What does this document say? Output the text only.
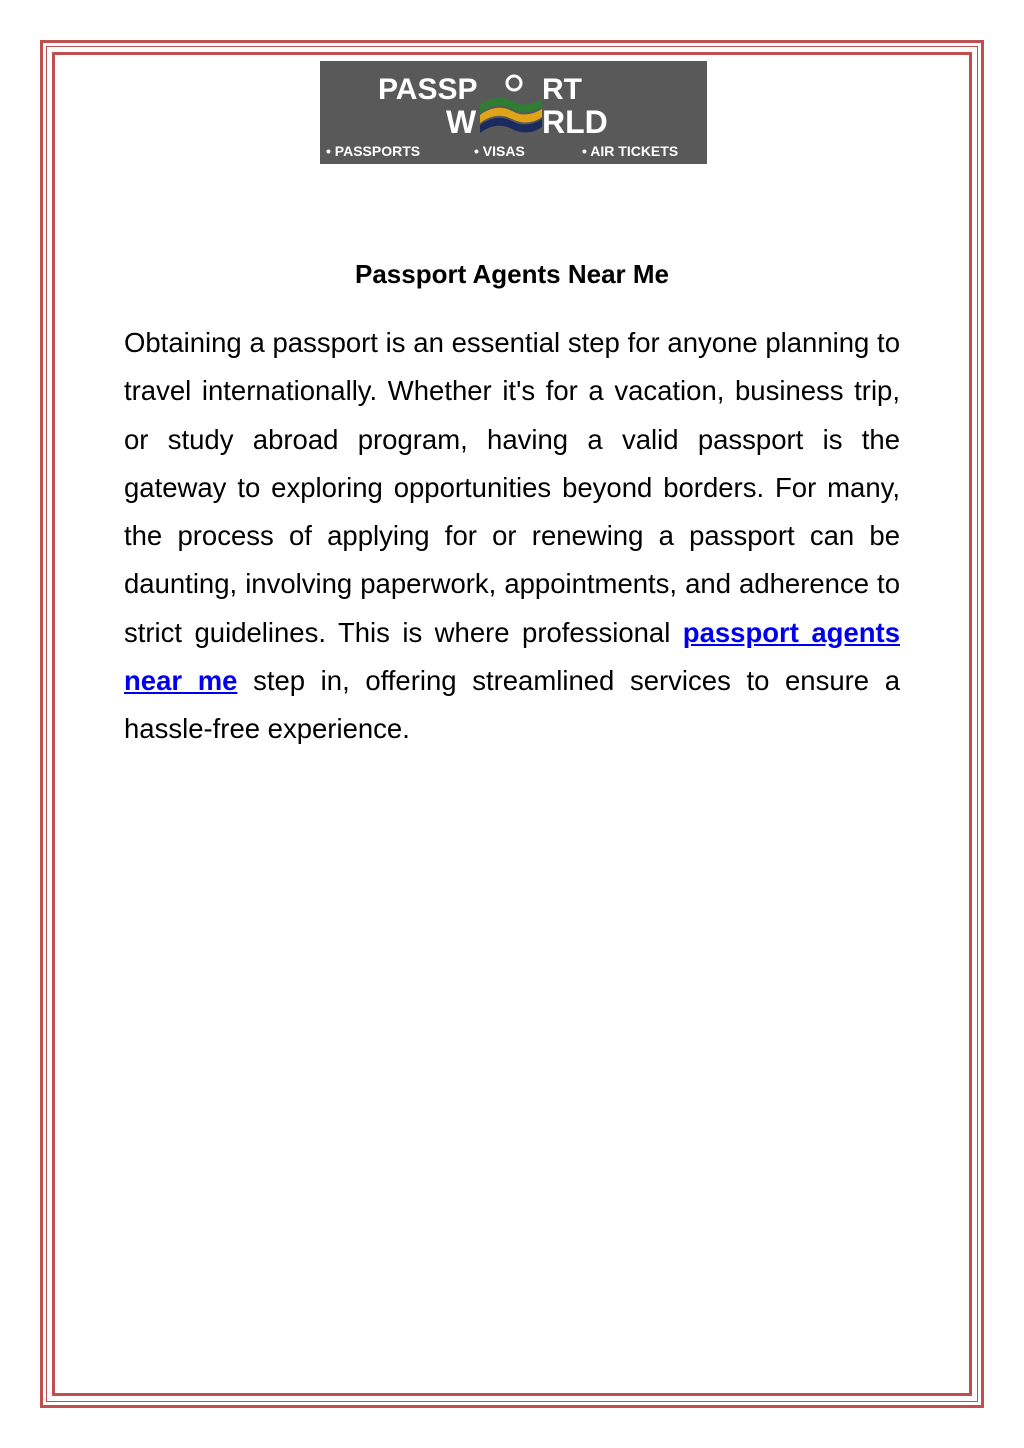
PASSP RT
W RLD
• PASSPORTS	• VISAS	• AIR TICKETS
Passport Agents Near Me

Obtaining a passport is an essential step for anyone planning to travel internationally. Whether it's for a vacation, business trip, or study abroad program, having a valid passport is the gateway to exploring opportunities beyond borders. For many, the process of applying for or renewing a passport can be daunting, involving paperwork, appointments, and adherence to strict guidelines. This is where professional passport agents near me step in, offering streamlined services to ensure a hassle-free experience.
